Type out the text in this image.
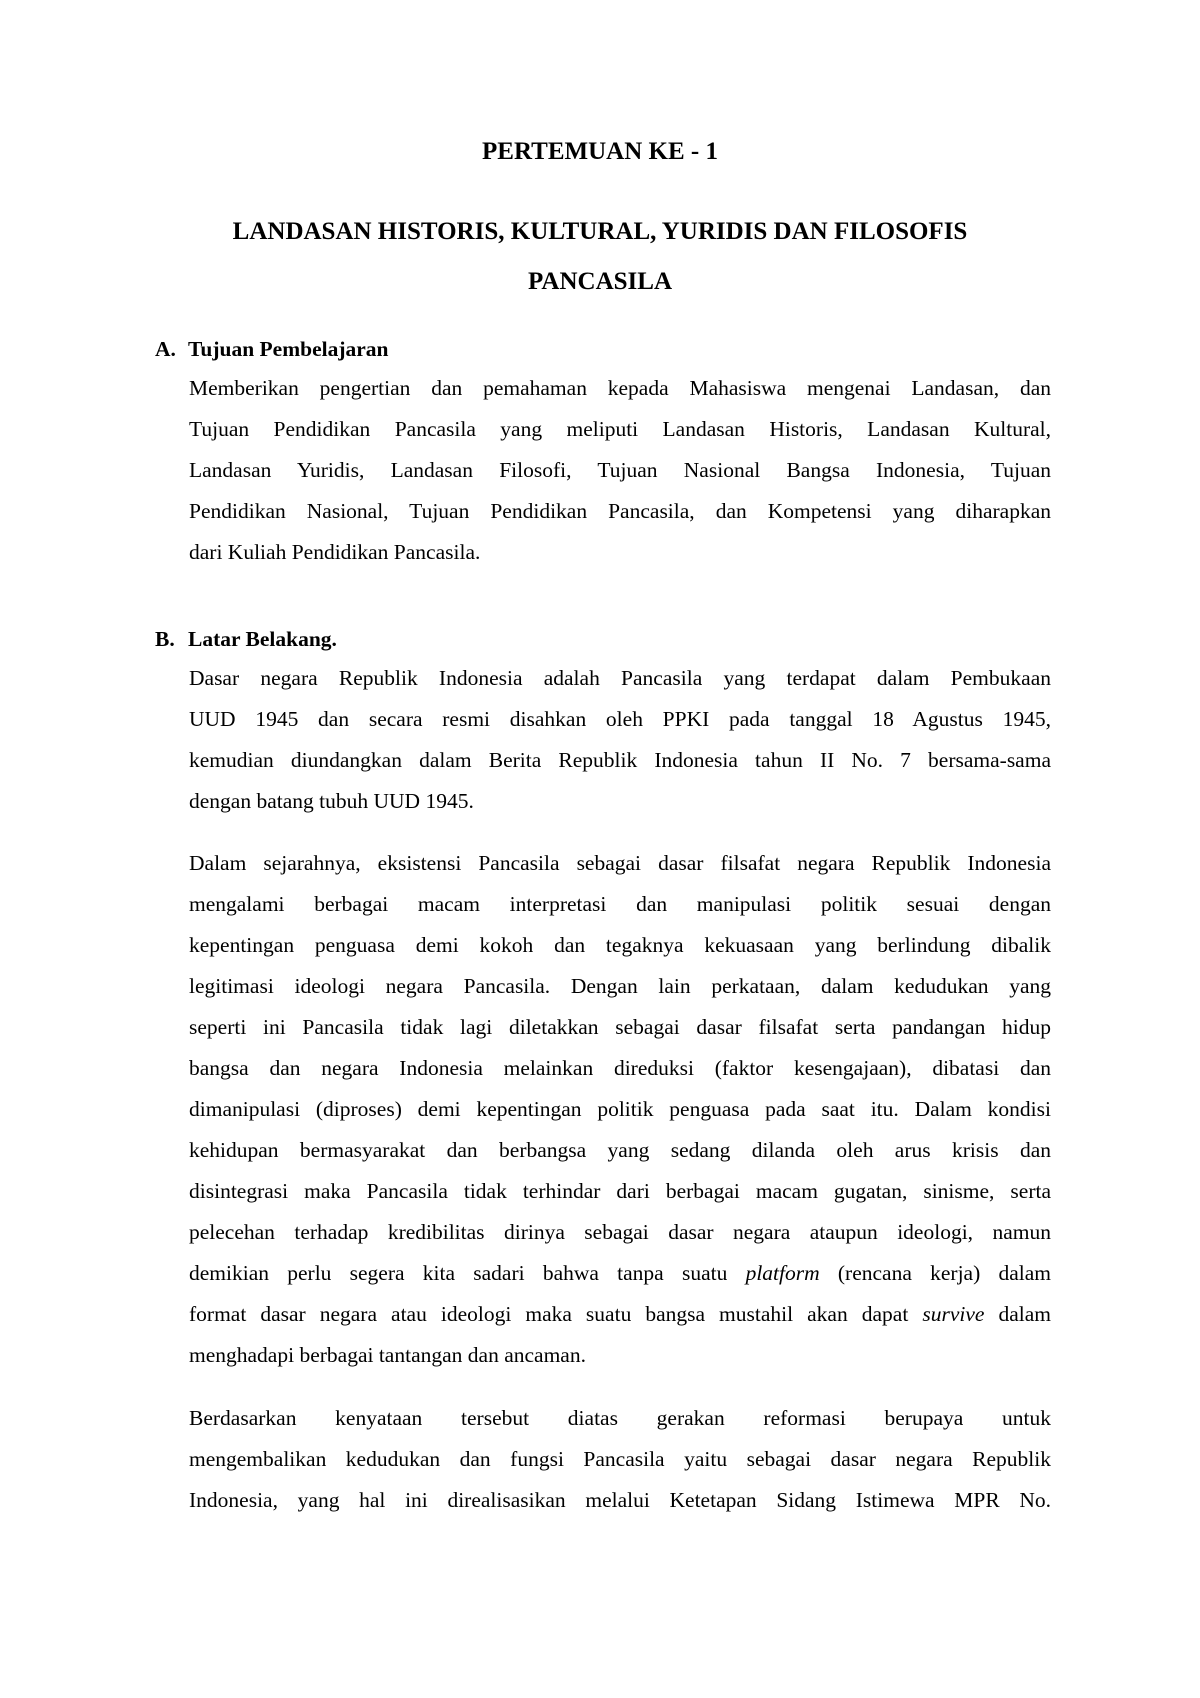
PERTEMUAN KE - 1
LANDASAN HISTORIS, KULTURAL, YURIDIS DAN FILOSOFIS
PANCASILA
A. Tujuan Pembelajaran

Memberikan pengertian dan pemahaman kepada Mahasiswa mengenai Landasan, dan

Tujuan Pendidikan Pancasila yang meliputi Landasan Historis, Landasan Kultural,

Landasan Yuridis, Landasan Filosofi, Tujuan Nasional Bangsa Indonesia, Tujuan

Pendidikan Nasional, Tujuan Pendidikan Pancasila, dan Kompetensi yang diharapkan

dari Kuliah Pendidikan Pancasila.

B. Latar Belakang.

Dasar negara Republik Indonesia adalah Pancasila yang terdapat dalam Pembukaan

UUD 1945 dan secara resmi disahkan oleh PPKI pada tanggal 18 Agustus 1945,

kemudian diundangkan dalam Berita Republik Indonesia tahun II No. 7 bersama-sama

dengan batang tubuh UUD 1945.

Dalam sejarahnya, eksistensi Pancasila sebagai dasar filsafat negara Republik Indonesia

mengalami berbagai macam interpretasi dan manipulasi politik sesuai dengan

kepentingan penguasa demi kokoh dan tegaknya kekuasaan yang berlindung dibalik

legitimasi ideologi negara Pancasila. Dengan lain perkataan, dalam kedudukan yang

seperti ini Pancasila tidak lagi diletakkan sebagai dasar filsafat serta pandangan hidup

bangsa dan negara Indonesia melainkan direduksi (faktor kesengajaan), dibatasi dan

dimanipulasi (diproses) demi kepentingan politik penguasa pada saat itu. Dalam kondisi

kehidupan bermasyarakat dan berbangsa yang sedang dilanda oleh arus krisis dan

disintegrasi maka Pancasila tidak terhindar dari berbagai macam gugatan, sinisme, serta

pelecehan terhadap kredibilitas dirinya sebagai dasar negara ataupun ideologi, namun

demikian perlu segera kita sadari bahwa tanpa suatu platform (rencana kerja) dalam

format dasar negara atau ideologi maka suatu bangsa mustahil akan dapat survive dalam

menghadapi berbagai tantangan dan ancaman.

Berdasarkan kenyataan tersebut diatas gerakan reformasi berupaya untuk

mengembalikan kedudukan dan fungsi Pancasila yaitu sebagai dasar negara Republik

Indonesia, yang hal ini direalisasikan melalui Ketetapan Sidang Istimewa MPR No.
